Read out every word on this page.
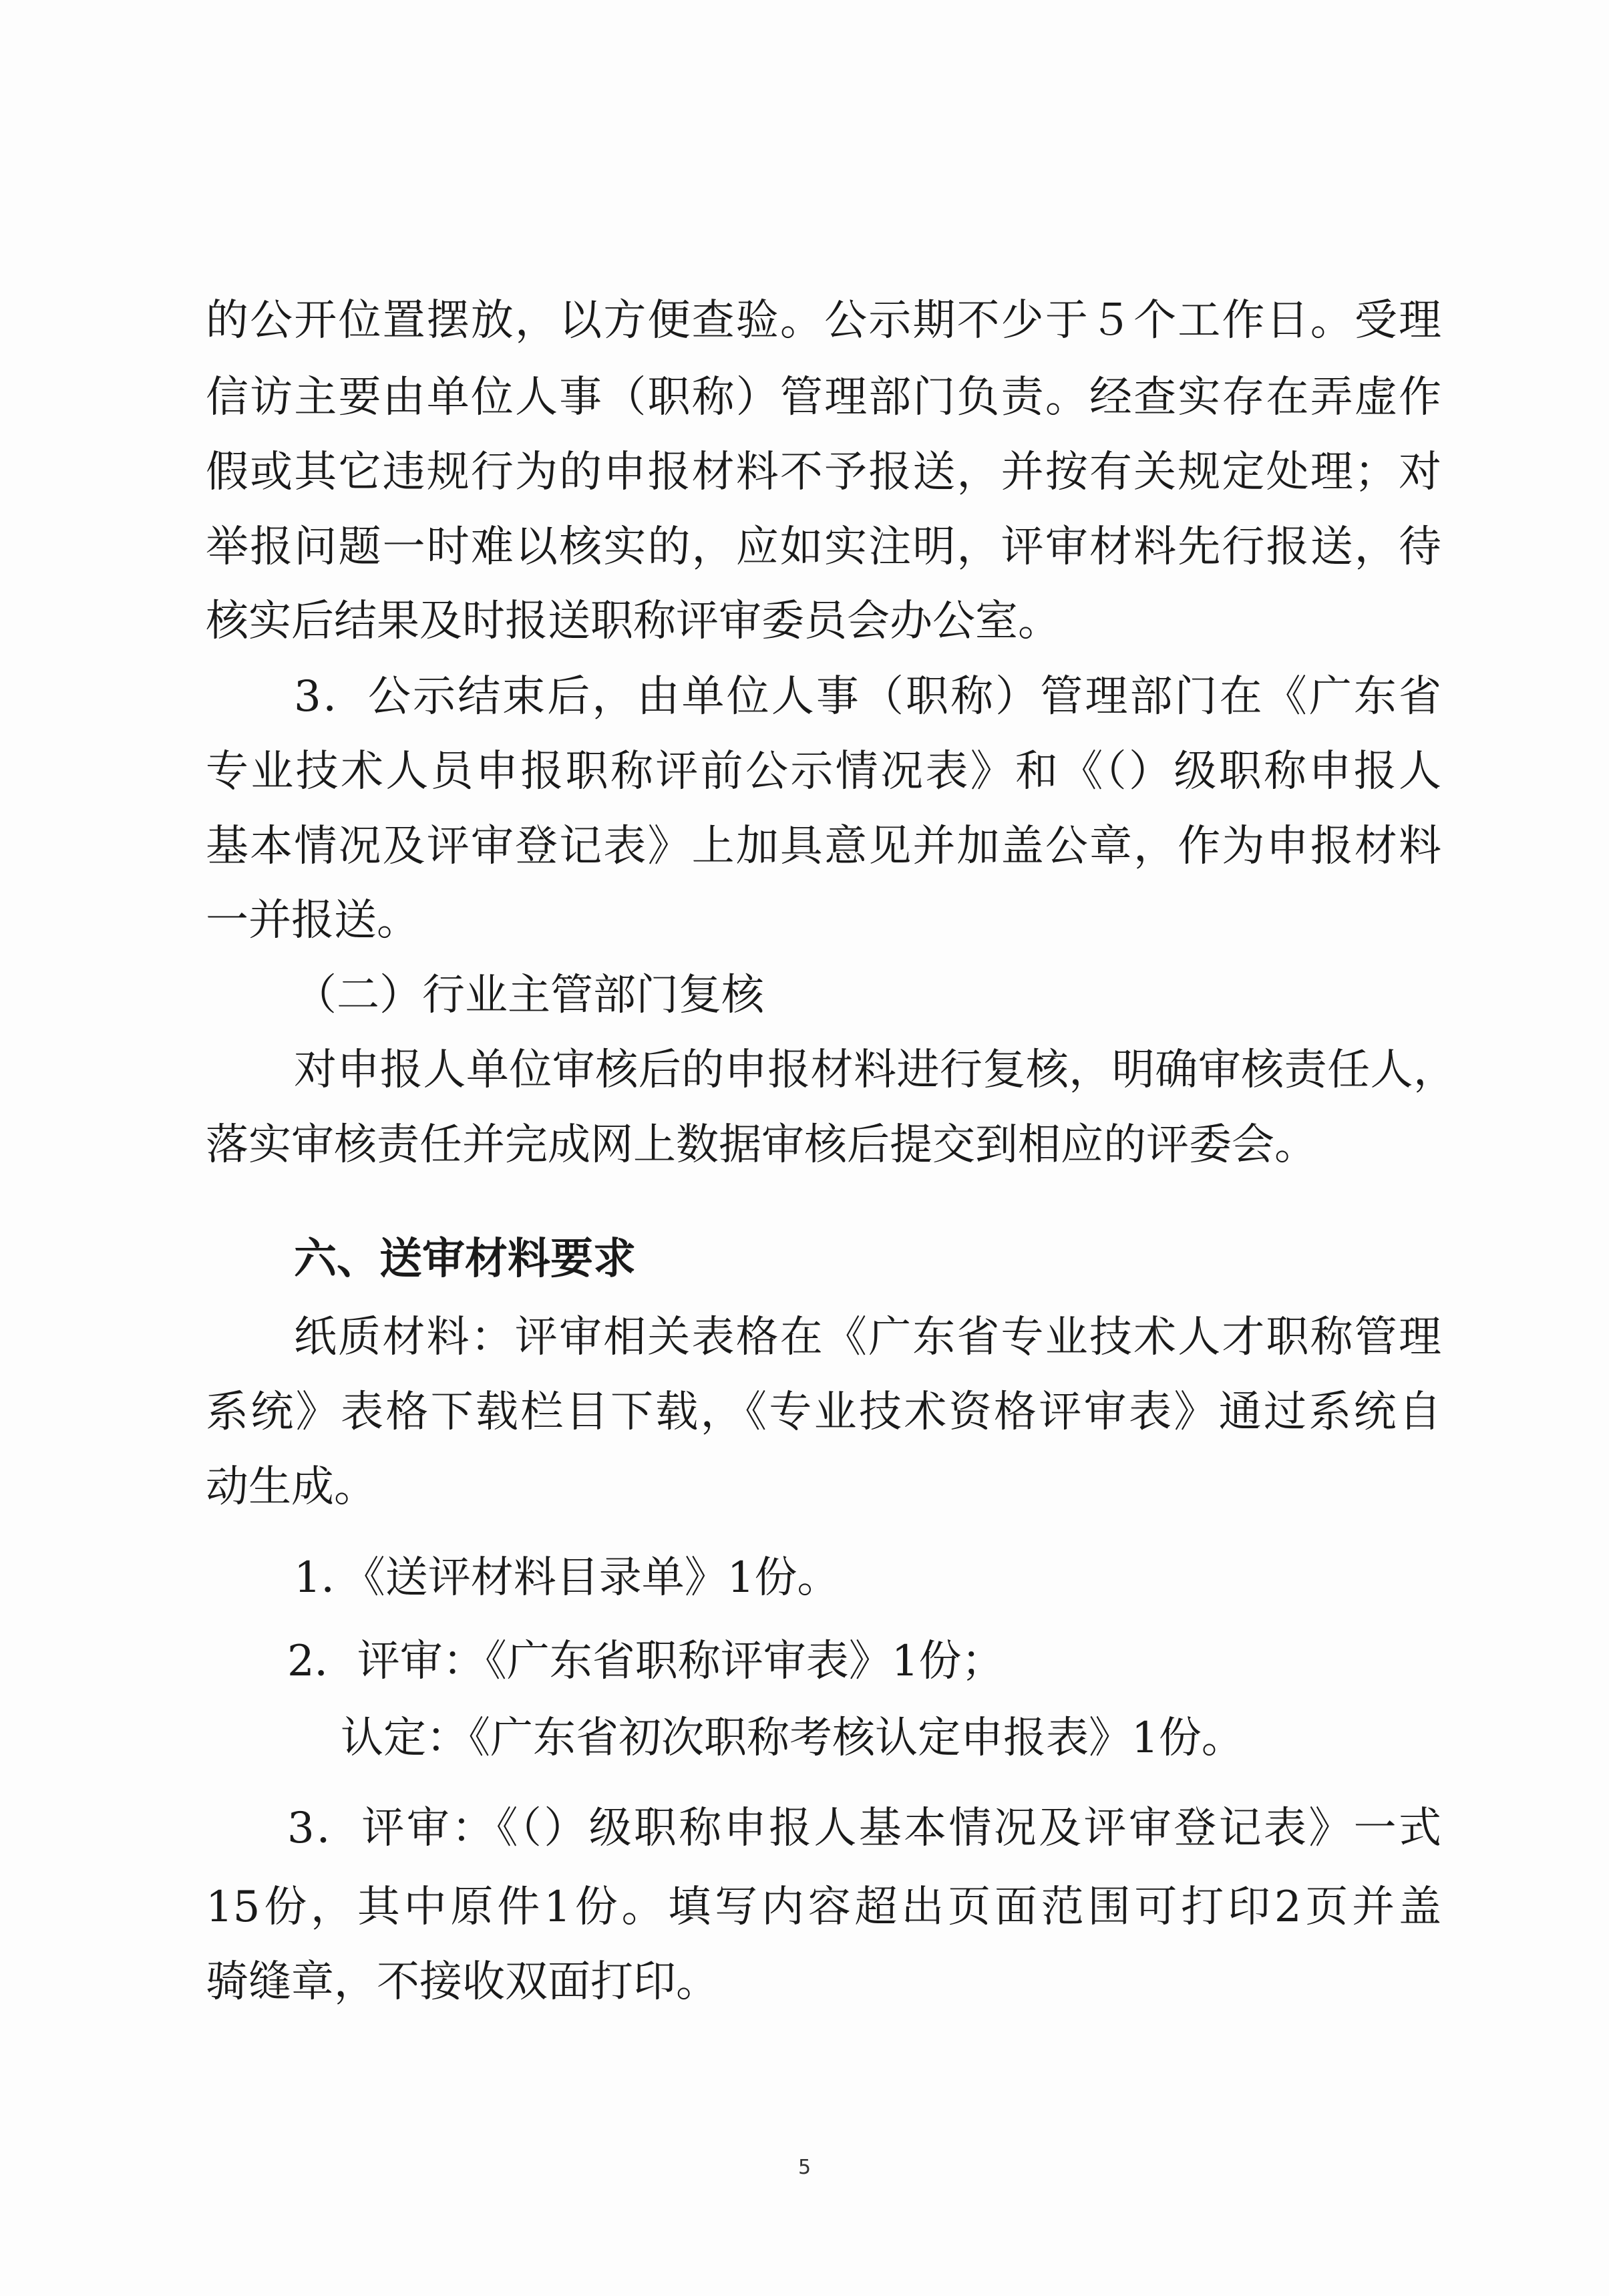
的公开位置摆放，以方便查验。公示期不少于５个工作日。受理
信访主要由单位人事（职称）管理部门负责。经查实存在弄虚作
假或其它违规行为的申报材料不予报送，并按有关规定处理；对
举报问题一时难以核实的，应如实注明，评审材料先行报送，待
核实后结果及时报送职称评审委员会办公室。
3．公示结束后，由单位人事（职称）管理部门在《广东省
专业技术人员申报职称评前公示情况表》和《（）级职称申报人
基本情况及评审登记表》上加具意见并加盖公章，作为申报材料
一并报送。
（二）行业主管部门复核
对申报人单位审核后的申报材料进行复核，明确审核责任人，
落实审核责任并完成网上数据审核后提交到相应的评委会。
六、送审材料要求
纸质材料：评审相关表格在《广东省专业技术人才职称管理
系统》表格下载栏目下载，《专业技术资格评审表》通过系统自
动生成。
1．《送评材料目录单》1份。
2．评审：《广东省职称评审表》1份；
认定：《广东省初次职称考核认定申报表》1份。
3．评审：《（）级职称申报人基本情况及评审登记表》一式
15份，其中原件1份。填写内容超出页面范围可打印2页并盖
骑缝章，不接收双面打印。
5
